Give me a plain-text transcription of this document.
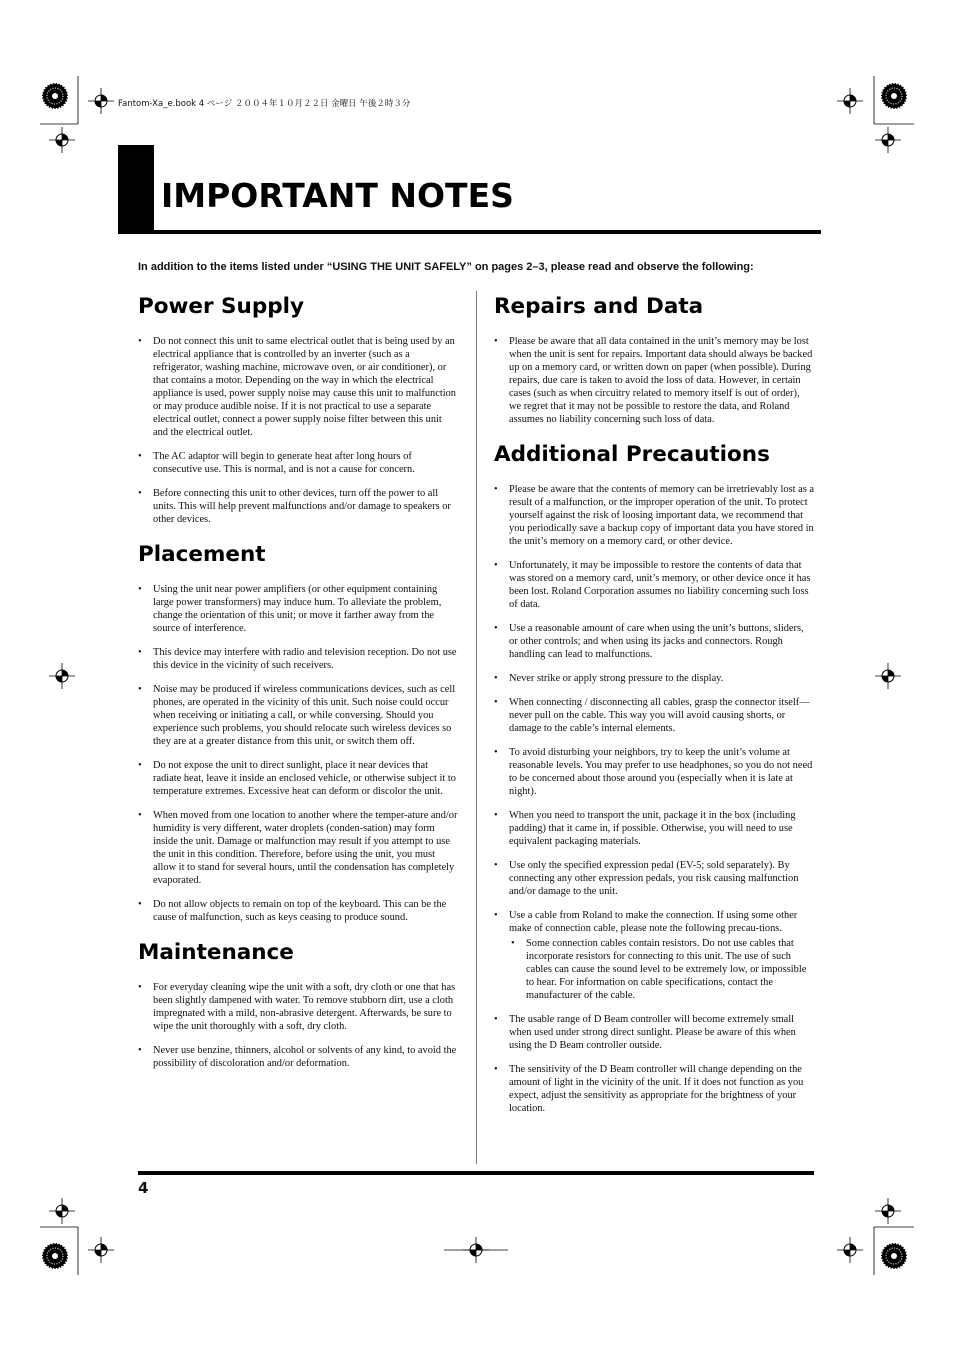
Fantom-Xa_e.book 4 ページ ２００４年１０月２２日 金曜日 午後２時３分
IMPORTANT NOTES
In addition to the items listed under “USING THE UNIT SAFELY” on pages 2–3, please read and observe the following:
Power Supply
• Do not connect this unit to same electrical outlet that is being used by an electrical appliance that is controlled by an inverter (such as a refrigerator, washing machine, microwave oven, or air conditioner), or that contains a motor. Depending on the way in which the electrical appliance is used, power supply noise may cause this unit to malfunction or may produce audible noise. If it is not practical to use a separate electrical outlet, connect a power supply noise filter between this unit and the electrical outlet.
• The AC adaptor will begin to generate heat after long hours of consecutive use. This is normal, and is not a cause for concern.
• Before connecting this unit to other devices, turn off the power to all units. This will help prevent malfunctions and/or damage to speakers or other devices.
Placement
• Using the unit near power amplifiers (or other equipment containing large power transformers) may induce hum. To alleviate the problem, change the orientation of this unit; or move it farther away from the source of interference.
• This device may interfere with radio and television reception. Do not use this device in the vicinity of such receivers.
• Noise may be produced if wireless communications devices, such as cell phones, are operated in the vicinity of this unit. Such noise could occur when receiving or initiating a call, or while conversing. Should you experience such problems, you should relocate such wireless devices so they are at a greater distance from this unit, or switch them off.
• Do not expose the unit to direct sunlight, place it near devices that radiate heat, leave it inside an enclosed vehicle, or otherwise subject it to temperature extremes. Excessive heat can deform or discolor the unit.
• When moved from one location to another where the temper-ature and/or humidity is very different, water droplets (conden-sation) may form inside the unit. Damage or malfunction may result if you attempt to use the unit in this condition. Therefore, before using the unit, you must allow it to stand for several hours, until the condensation has completely evaporated.
• Do not allow objects to remain on top of the keyboard. This can be the cause of malfunction, such as keys ceasing to produce sound.
Maintenance
• For everyday cleaning wipe the unit with a soft, dry cloth or one that has been slightly dampened with water. To remove stubborn dirt, use a cloth impregnated with a mild, non-abrasive detergent. Afterwards, be sure to wipe the unit thoroughly with a soft, dry cloth.
• Never use benzine, thinners, alcohol or solvents of any kind, to avoid the possibility of discoloration and/or deformation.
Repairs and Data
• Please be aware that all data contained in the unit’s memory may be lost when the unit is sent for repairs. Important data should always be backed up on a memory card, or written down on paper (when possible). During repairs, due care is taken to avoid the loss of data. However, in certain cases (such as when circuitry related to memory itself is out of order), we regret that it may not be possible to restore the data, and Roland assumes no liability concerning such loss of data.
Additional Precautions
• Please be aware that the contents of memory can be irretrievably lost as a result of a malfunction, or the improper operation of the unit. To protect yourself against the risk of loosing important data, we recommend that you periodically save a backup copy of important data you have stored in the unit’s memory on a memory card, or other device.
• Unfortunately, it may be impossible to restore the contents of data that was stored on a memory card, unit’s memory, or other device once it has been lost. Roland Corporation assumes no liability concerning such loss of data.
• Use a reasonable amount of care when using the unit’s buttons, sliders, or other controls; and when using its jacks and connectors. Rough handling can lead to malfunctions.
• Never strike or apply strong pressure to the display.
• When connecting / disconnecting all cables, grasp the connector itself—never pull on the cable. This way you will avoid causing shorts, or damage to the cable’s internal elements.
• To avoid disturbing your neighbors, try to keep the unit’s volume at reasonable levels. You may prefer to use headphones, so you do not need to be concerned about those around you (especially when it is late at night).
• When you need to transport the unit, package it in the box (including padding) that it came in, if possible. Otherwise, you will need to use equivalent packaging materials.
• Use only the specified expression pedal (EV-5; sold separately). By connecting any other expression pedals, you risk causing malfunction and/or damage to the unit.
• Use a cable from Roland to make the connection. If using some other make of connection cable, please note the following precau-tions.
• Some connection cables contain resistors. Do not use cables that incorporate resistors for connecting to this unit. The use of such cables can cause the sound level to be extremely low, or impossible to hear. For information on cable specifications, contact the manufacturer of the cable.
• The usable range of D Beam controller will become extremely small when used under strong direct sunlight. Please be aware of this when using the D Beam controller outside.
• The sensitivity of the D Beam controller will change depending on the amount of light in the vicinity of the unit. If it does not function as you expect, adjust the sensitivity as appropriate for the brightness of your location.
4
